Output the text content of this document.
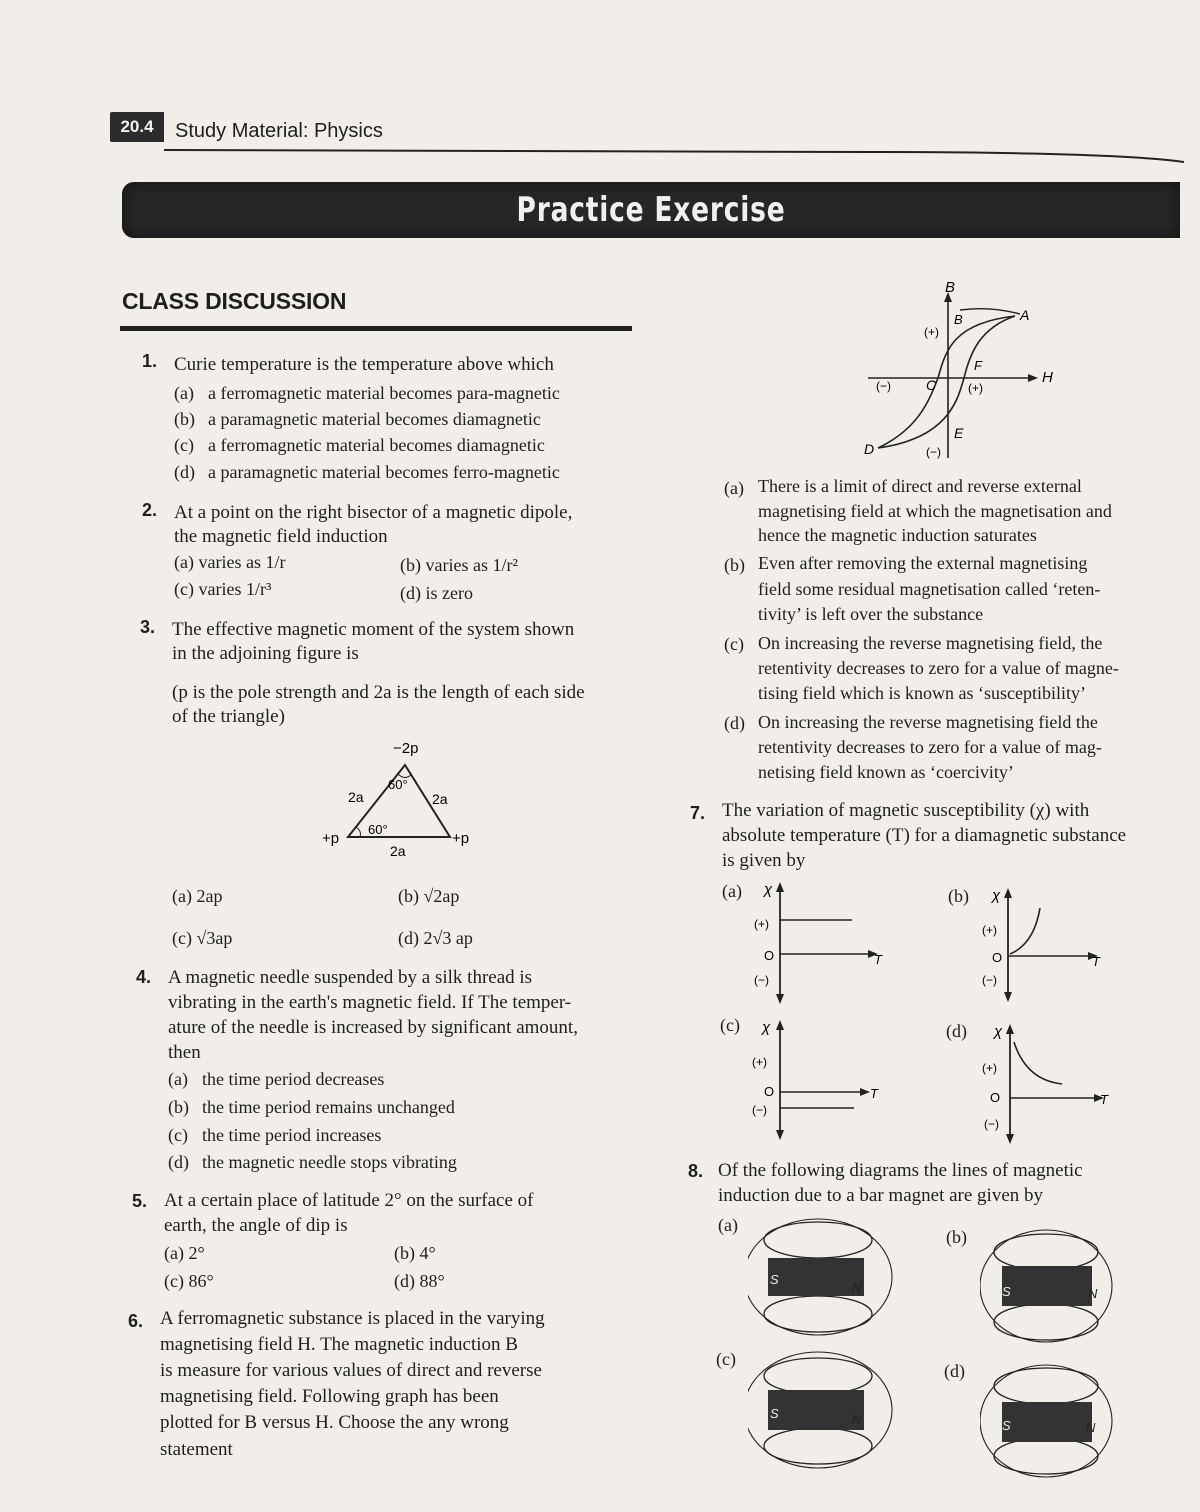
20.4	Study Material: Physics
Practice Exercise
CLASS DISCUSSION
1. Curie temperature is the temperature above which
(a) a ferromagnetic material becomes para-magnetic
(b) a paramagnetic material becomes diamagnetic
(c) a ferromagnetic material becomes diamagnetic
(d) a paramagnetic material becomes ferro-magnetic
2. At a point on the right bisector of a magnetic dipole,
the magnetic field induction
(a) varies as 1/r	(b) varies as 1/r²
(c) varies 1/r³	(d) is zero
3. The effective magnetic moment of the system shown
in the adjoining figure is
(p is the pole strength and 2a is the length of each side
of the triangle)
−2p
60°
2a	2a
60°
+p	+p
2a
(a) 2ap	(b) √2ap
(c) √3ap	(d) 2√3 ap
4. A magnetic needle suspended by a silk thread is
vibrating in the earth's magnetic field. If The temper-
ature of the needle is increased by significant amount,
then
(a) the time period decreases
(b) the time period remains unchanged
(c) the time period increases
(d) the magnetic needle stops vibrating
5. At a certain place of latitude 2° on the surface of
earth, the angle of dip is
(a) 2°	(b) 4°
(c) 86°	(d) 88°
6. A ferromagnetic substance is placed in the varying
magnetising field H. The magnetic induction B
is measure for various values of direct and reverse
magnetising field. Following graph has been
plotted for B versus H. Choose the any wrong
statement
B
H
A
B
C
D
E
F
(+)
(−)
(+)
(−)
(a) There is a limit of direct and reverse external
magnetising field at which the magnetisation and
hence the magnetic induction saturates
(b) Even after removing the external magnetising
field some residual magnetisation called ‘reten-
tivity’ is left over the substance
(c) On increasing the reverse magnetising field, the
retentivity decreases to zero for a value of magne-
tising field which is known as ‘susceptibility’
(d) On increasing the reverse magnetising field the
retentivity decreases to zero for a value of mag-
netising field known as ‘coercivity’
7. The variation of magnetic susceptibility (χ) with
absolute temperature (T) for a diamagnetic substance
is given by
(a)	(b)
(c)	(d)
χ
T
(+)
O
(−)
χ
T
(+)
O
(−)
χ
T
(+)
O
(−)
χ
T
(+)
O
(−)
8. Of the following diagrams the lines of magnetic
induction due to a bar magnet are given by
(a)
(b)
(c)
(d)
S
N	S	N
S	N	S	N
